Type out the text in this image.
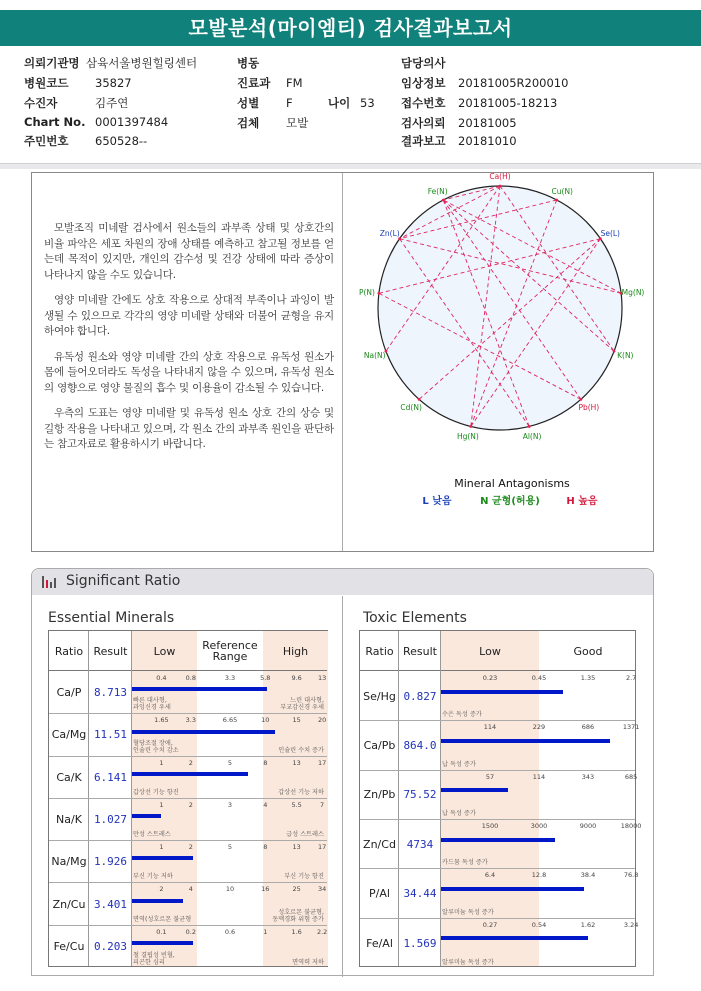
모발분석(마이엠티) 검사결과보고서
의뢰기관명 삼육서울병원힐링센터	병동	담당의사
병원코드 35827	진료과 FM	임상정보 20181005R200010
수진자	김주연	성별 F	나이 53 접수번호 20181005-18213
Chart No. 0001397484	검체 모발	검사의뢰 20181005
주민번호 650528--	결과보고 20181010

모발조직 미네랄 검사에서 원소들의 과부족 상태 및 상호간의 비율 파악은 세포 차원의 장애 상태를 예측하고 참고될 정보를 얻는데 목적이 있지만, 개인의 감수성 및 건강 상태에 따라 증상이 나타나지 않을 수도 있습니다.

영양 미네랄 간에도 상호 작용으로 상대적 부족이나 과잉이 발생될 수 있으므로 각각의 영양 미네랄 상태와 더불어 균형을 유지하여야 합니다.

유독성 원소와 영양 미네랄 간의 상호 작용으로 유독성 원소가 몸에 들어오더라도 독성을 나타내지 않을 수 있으며, 유독성 원소의 영향으로 영양 물질의 흡수 및 이용율이 감소될 수 있습니다.

우측의 도표는 영양 미네랄 및 유독성 원소 상호 간의 상승 및 길항 작용을 나타내고 있으며, 각 원소 간의 과부족 원인을 판단하는 참고자료로 활용하시기 바랍니다.

Ca(H)
Cu(N)
Se(L)
Mg(N)
K(N)
Pb(H)
Al(N)
Hg(N)
Cd(N)
Na(N)
P(N)
Zn(L)
Fe(N)
Mineral Antagonisms
L 낮음	N 균형(허용)	H 높음
Significant Ratio
Essential Minerals	Toxic Elements
Ratio Result	Low	Reference
Range	High
Ca/P	8.713
0.4	0.8	3.3	5.8	9.6 13
빠른 대사형,
과잉신경 우세
느린 대사형,
부교감신경 우세
Ca/Mg 11.51
1.65	3.3	6.65	10	15	20
혈당조절 장애,
인슐린 수치 감소	인슐린 수치 증가
Ca/K	6.141
1	2	5	8	13	17
갑상선 기능 항진	갑상선 기능 저하
Na/K	1.027
1	2	3	4	5.5	7
만성 스트레스	급성 스트레스
Na/Mg 1.926
1	2	5	8	13	17
부신 기능 저하	부신 기능 항진
Zn/Cu 3.401
2	4	10	16	25	34
면역(성호르몬 불균형
성호르몬 불균형,
동맥경화 위험 증가
Fe/Cu 0.203
0.1	0.2	0.6	1	1.6 2.2
철 결핍성 빈혈,
피곤한 심리	면역력 저하
Ratio Result	Low	Good
Se/Hg 0.827
0.23	0.45	1.35	2.7
수은 독성 증가
Ca/Pb 864.0
114	229	686	1371
납 독성 증가
Zn/Pb 75.52
57	114	343	685
납 독성 증가
Zn/Cd 4734
1500	3000	9000	18000
카드뮴 독성 증가
P/Al	34.44
6.4	12.8	38.4	76.8
알루미늄 독성 증가
Fe/Al 1.569
0.27	0.54	1.62	3.24
알루미늄 독성 증가
